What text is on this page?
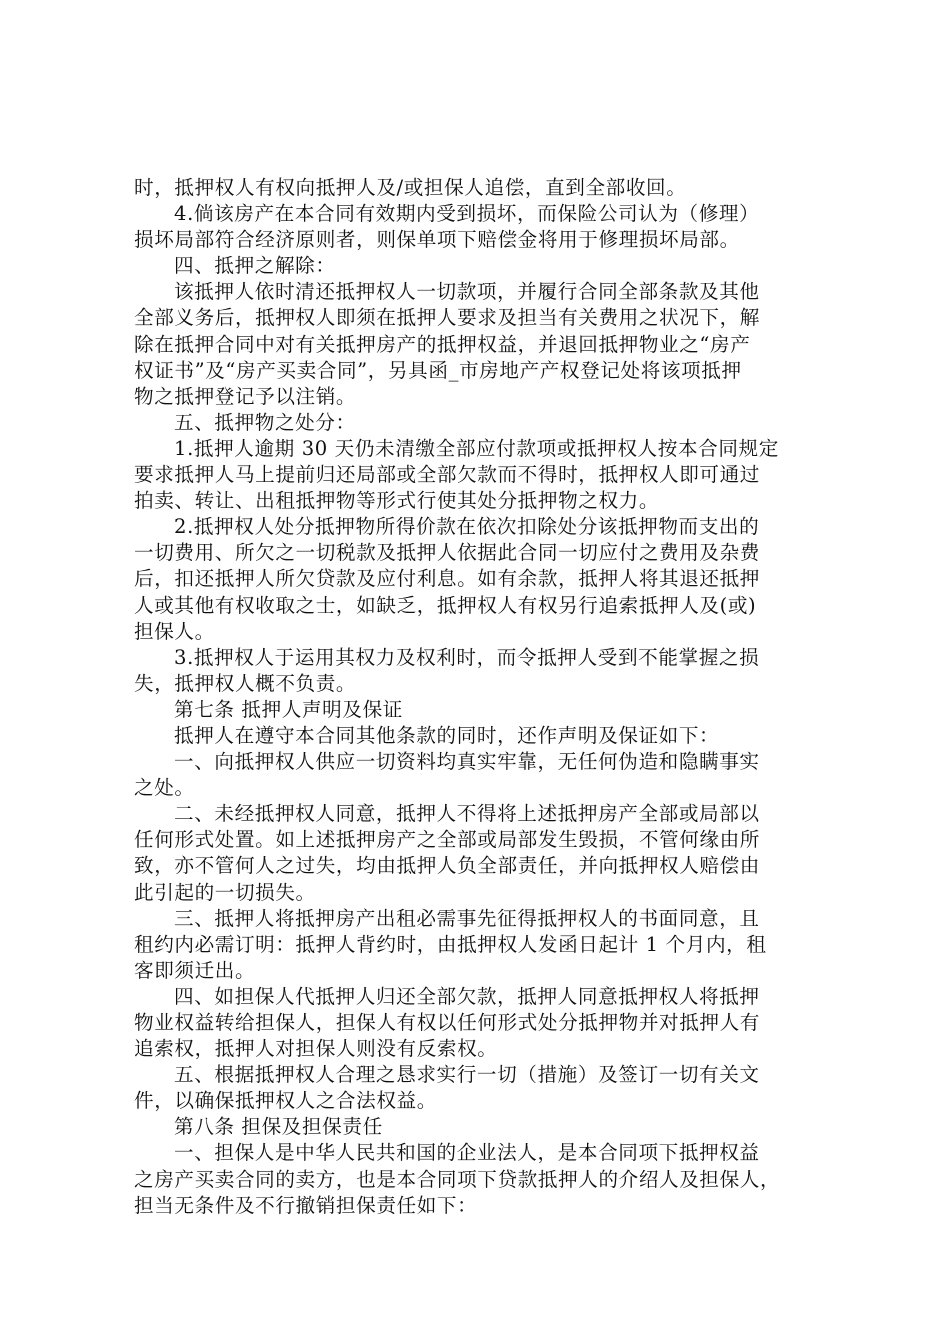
时，抵押权人有权向抵押人及/或担保人追偿，直到全部收回。
4.倘该房产在本合同有效期内受到损坏，而保险公司认为（修理）
损坏局部符合经济原则者，则保单项下赔偿金将用于修理损坏局部。
四、抵押之解除：
该抵押人依时清还抵押权人一切款项，并履行合同全部条款及其他
全部义务后，抵押权人即须在抵押人要求及担当有关费用之状况下，解
除在抵押合同中对有关抵押房产的抵押权益，并退回抵押物业之“房产
权证书”及“房产买卖合同”，另具函_市房地产产权登记处将该项抵押
物之抵押登记予以注销。
五、抵押物之处分：
1.抵押人逾期 30 天仍未清缴全部应付款项或抵押权人按本合同规定
要求抵押人马上提前归还局部或全部欠款而不得时，抵押权人即可通过
拍卖、转让、出租抵押物等形式行使其处分抵押物之权力。
2.抵押权人处分抵押物所得价款在依次扣除处分该抵押物而支出的
一切费用、所欠之一切税款及抵押人依据此合同一切应付之费用及杂费
后，扣还抵押人所欠贷款及应付利息。如有余款，抵押人将其退还抵押
人或其他有权收取之士，如缺乏，抵押权人有权另行追索抵押人及(或)
担保人。
3.抵押权人于运用其权力及权利时，而令抵押人受到不能掌握之损
失，抵押权人概不负责。
第七条 抵押人声明及保证
抵押人在遵守本合同其他条款的同时，还作声明及保证如下：
一、向抵押权人供应一切资料均真实牢靠，无任何伪造和隐瞒事实
之处。
二、未经抵押权人同意，抵押人不得将上述抵押房产全部或局部以
任何形式处置。如上述抵押房产之全部或局部发生毁损，不管何缘由所
致，亦不管何人之过失，均由抵押人负全部责任，并向抵押权人赔偿由
此引起的一切损失。
三、抵押人将抵押房产出租必需事先征得抵押权人的书面同意，且
租约内必需订明：抵押人背约时，由抵押权人发函日起计 1 个月内，租
客即须迁出。
四、如担保人代抵押人归还全部欠款，抵押人同意抵押权人将抵押
物业权益转给担保人，担保人有权以任何形式处分抵押物并对抵押人有
追索权，抵押人对担保人则没有反索权。
五、根据抵押权人合理之恳求实行一切（措施）及签订一切有关文
件，以确保抵押权人之合法权益。
第八条 担保及担保责任
一、担保人是中华人民共和国的企业法人，是本合同项下抵押权益
之房产买卖合同的卖方，也是本合同项下贷款抵押人的介绍人及担保人，
担当无条件及不行撤销担保责任如下：
